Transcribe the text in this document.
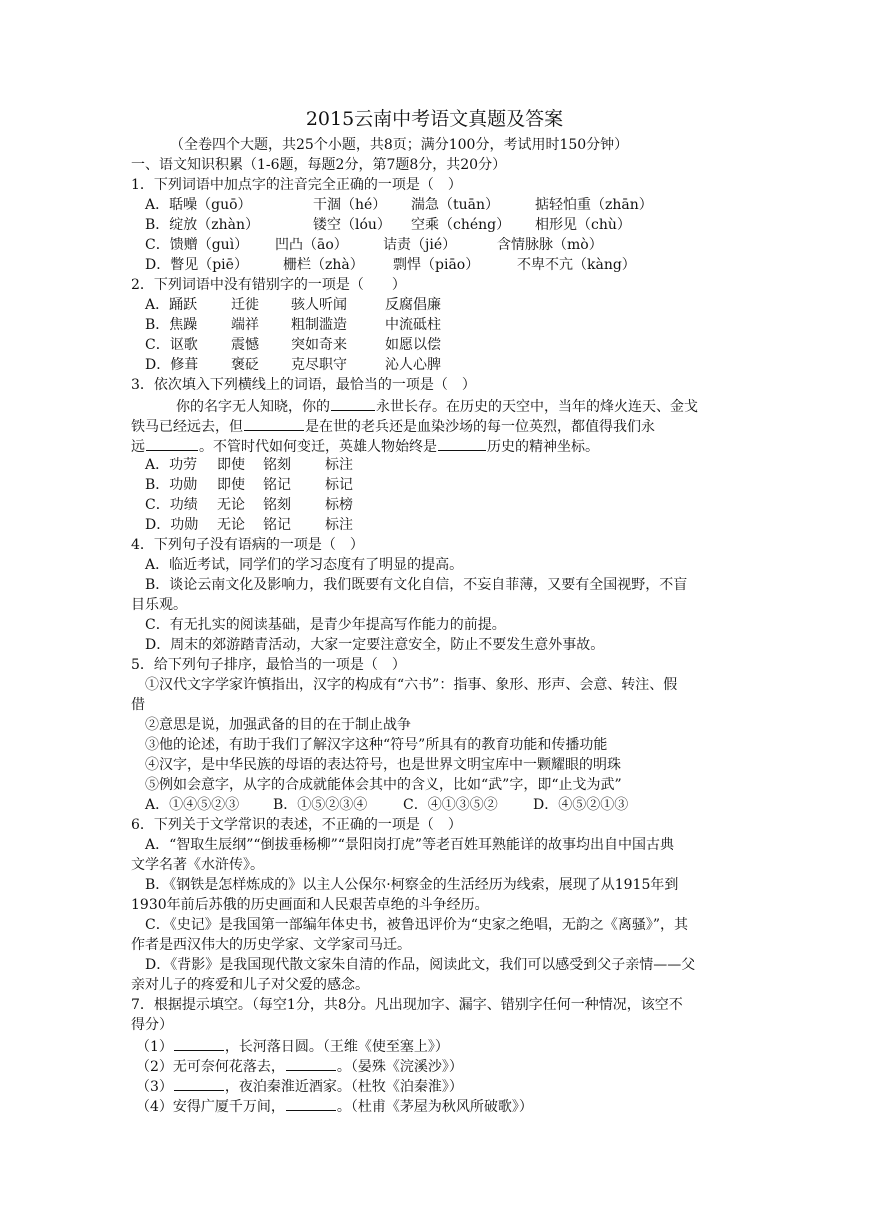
2015云南中考语文真题及答案
（全卷四个大题，共25个小题，共8页；满分100分，考试用时150分钟）
一、语文知识积累（1-6题，每题2分，第7题8分，共20分）
1．下列词语中加点字的注音完全正确的一项是（　）
A．聒噪（guō）	干涸（hé） 湍急（tuān）	掂轻怕重（zhān）
B．绽放（zhàn）	镂空（lóu） 空乘（chéng） 相形见（chù）
C．馈赠（guì） 凹凸（āo）	诘责（jié）	含情脉脉（mò）
D．瞥见（piē）	栅栏（zhà） 剽悍（piāo）	不卑不亢（kàng）
2．下列词语中没有错别字的一项是（　　）
A．踊跃 迁徙 骇人听闻	反腐倡廉
B．焦躁 端祥 粗制滥造	中流砥柱
C．讴歌 震憾 突如奇来	如愿以偿
D．修葺 褒砭 克尽职守	沁人心脾
3．依次填入下列横线上的词语，最恰当的一项是（　）
你的名字无人知晓，你的	永世长存。在历史的天空中，当年的烽火连天、金戈
铁马已经远去，但	是在世的老兵还是血染沙场的每一位英烈，都值得我们永
远	。不管时代如何变迁，英雄人物始终是	历史的精神坐标。
A．功劳 即使 铭刻 标注
B．功勋 即使 铭记 标记
C．功绩 无论 铭刻 标榜
D．功勋 无论 铭记 标注
4．下列句子没有语病的一项是（　）
A．临近考试，同学们的学习态度有了明显的提高。
B．谈论云南文化及影响力，我们既要有文化自信，不妄自菲薄，又要有全国视野，不盲
目乐观。
C．有无扎实的阅读基础，是青少年提高写作能力的前提。
D．周末的郊游踏青活动，大家一定要注意安全，防止不要发生意外事故。
5．给下列句子排序，最恰当的一项是（　）
①汉代文字学家许慎指出，汉字的构成有“六书”：指事、象形、形声、会意、转注、假
借
②意思是说，加强武备的目的在于制止战争
③他的论述，有助于我们了解汉字这种“符号”所具有的教育功能和传播功能
④汉字，是中华民族的母语的表达符号，也是世界文明宝库中一颗耀眼的明珠
⑤例如会意字，从字的合成就能体会其中的含义，比如“武”字，即“止戈为武”
A．①④⑤②③ B．①⑤②③④	C．④①③⑤②	D．④⑤②①③
6．下列关于文学常识的表述，不正确的一项是（　）
A．“智取生辰纲”“倒拔垂杨柳”“景阳岗打虎”等老百姓耳熟能详的故事均出自中国古典
文学名著《水浒传》。
B．《钢铁是怎样炼成的》以主人公保尔·柯察金的生活经历为线索，展现了从1915年到
1930年前后苏俄的历史画面和人民艰苦卓绝的斗争经历。
C．《史记》是我国第一部编年体史书，被鲁迅评价为“史家之绝唱，无韵之《离骚》”，其
作者是西汉伟大的历史学家、文学家司马迁。
D．《背影》是我国现代散文家朱自清的作品，阅读此文，我们可以感受到父子亲情——父
亲对儿子的疼爱和儿子对父爱的感念。
7．根据提示填空。（每空1分，共8分。凡出现加字、漏字、错别字任何一种情况，该空不
得分）
（1）	，长河落日圆。（王维《使至塞上》）
（2）无可奈何花落去，	。（晏殊《浣溪沙》）
（3）	，夜泊秦淮近酒家。（杜牧《泊秦淮》）
（4）安得广厦千万间，	。（杜甫《茅屋为秋风所破歌》）
